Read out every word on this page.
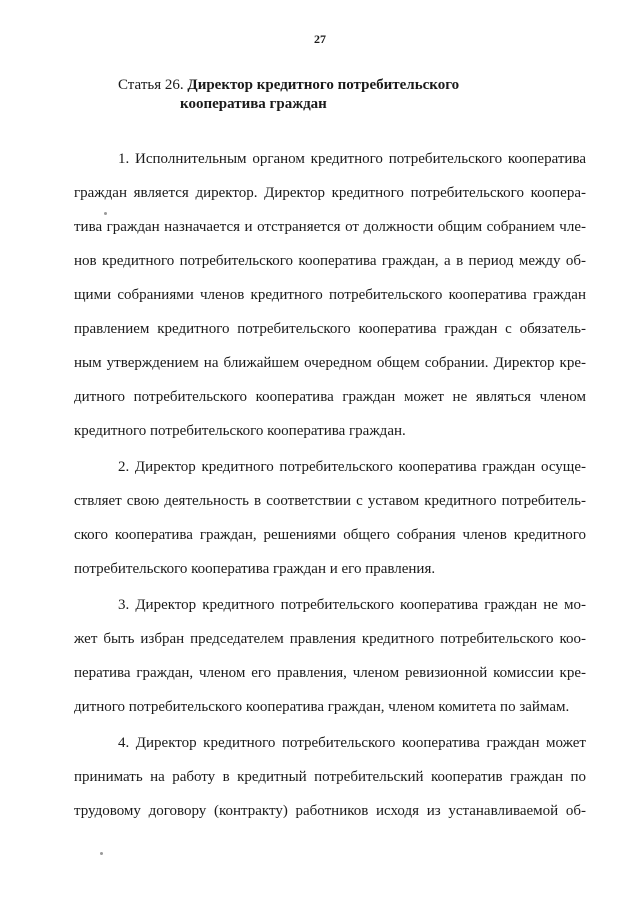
27
Статья 26. Директор кредитного потребительского
кооператива граждан
1. Исполнительным органом кредитного потребительского кооператива
граждан является директор. Директор кредитного потребительского коопера-
тива граждан назначается и отстраняется от должности общим собранием чле-
нов кредитного потребительского кооператива граждан, а в период между об-
щими собраниями членов кредитного потребительского кооператива граждан
правлением кредитного потребительского кооператива граждан с обязатель-
ным утверждением на ближайшем очередном общем собрании. Директор кре-
дитного потребительского кооператива граждан может не являться членом
кредитного потребительского кооператива граждан.
2. Директор кредитного потребительского кооператива граждан осуще-
ствляет свою деятельность в соответствии с уставом кредитного потребитель-
ского кооператива граждан, решениями общего собрания членов кредитного
потребительского кооператива граждан и его правления.
3. Директор кредитного потребительского кооператива граждан не мо-
жет быть избран председателем правления кредитного потребительского коо-
ператива граждан, членом его правления, членом ревизионной комиссии кре-
дитного потребительского кооператива граждан, членом комитета по займам.
4. Директор кредитного потребительского кооператива граждан может
принимать на работу в кредитный потребительский кооператив граждан по
трудовому договору (контракту) работников исходя из устанавливаемой об-
